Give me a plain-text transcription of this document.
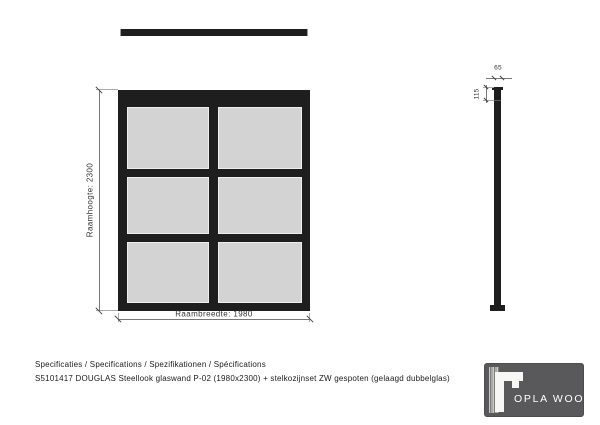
Raamhoogte: 2300
Raambreedte: 1980
65
115
Specificaties / Specifications / Spezifikationen / Spécifications
S5101417 DOUGLAS Steellook glaswand P-02 (1980x2300) + stelkozijnset ZW gespoten (gelaagd dubbelglas)
OPLA WOOD
